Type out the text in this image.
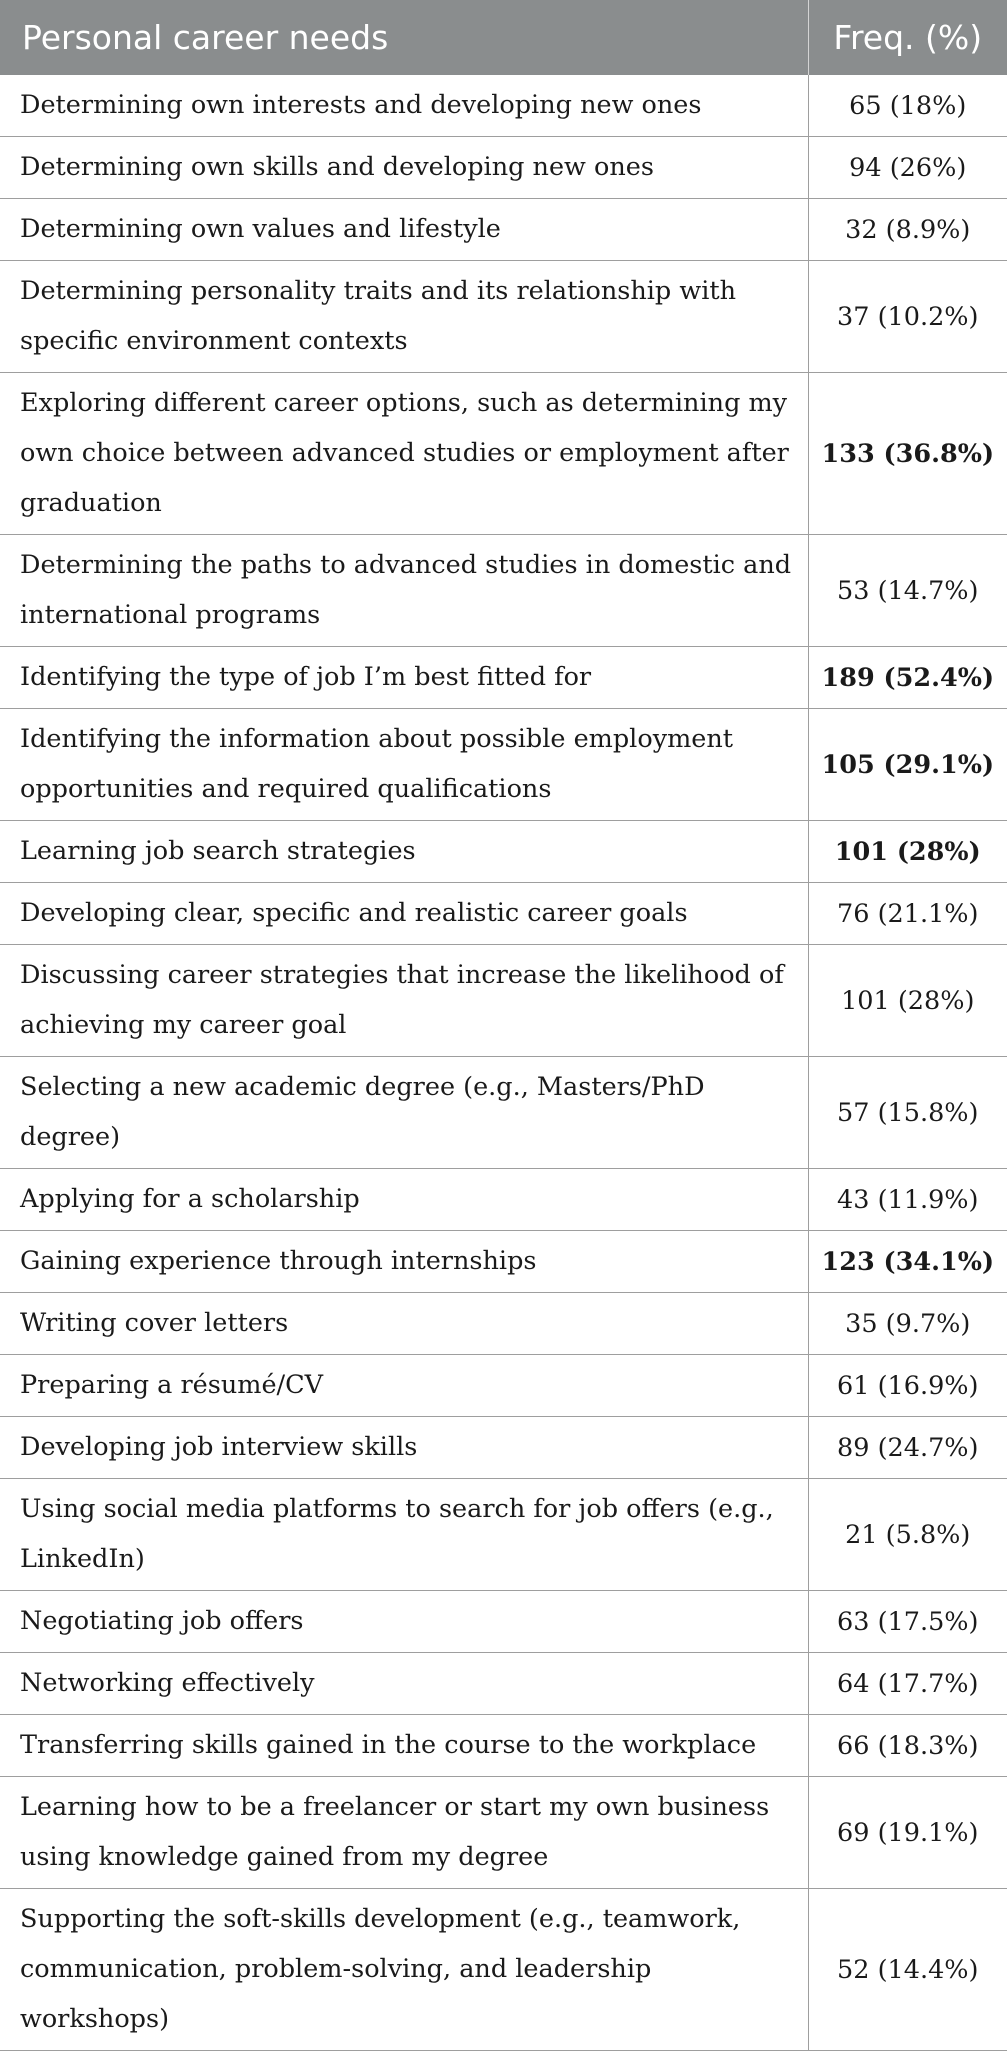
Personal career needs	Freq. (%)
Determining own interests and developing new ones	65 (18%)
Determining own skills and developing new ones	94 (26%)
Determining own values and lifestyle	32 (8.9%)
Determining personality traits and its relationship with specific environment contexts	37 (10.2%)
Exploring different career options, such as determining my own choice between advanced studies or employment after graduation	133 (36.8%)
Determining the paths to advanced studies in domestic and international programs	53 (14.7%)
Identifying the type of job I’m best fitted for	189 (52.4%)
Identifying the information about possible employment opportunities and required qualifications	105 (29.1%)
Learning job search strategies	101 (28%)
Developing clear, specific and realistic career goals	76 (21.1%)
Discussing career strategies that increase the likelihood of achieving my career goal	101 (28%)
Selecting a new academic degree (e.g., Masters/PhD degree)	57 (15.8%)
Applying for a scholarship	43 (11.9%)
Gaining experience through internships	123 (34.1%)
Writing cover letters	35 (9.7%)
Preparing a résumé/CV	61 (16.9%)
Developing job interview skills	89 (24.7%)
Using social media platforms to search for job offers (e.g., LinkedIn)	21 (5.8%)
Negotiating job offers	63 (17.5%)
Networking effectively	64 (17.7%)
Transferring skills gained in the course to the workplace	66 (18.3%)
Learning how to be a freelancer or start my own business using knowledge gained from my degree	69 (19.1%)
Supporting the soft-skills development (e.g., teamwork, communication, problem-solving, and leadership workshops)	52 (14.4%)
